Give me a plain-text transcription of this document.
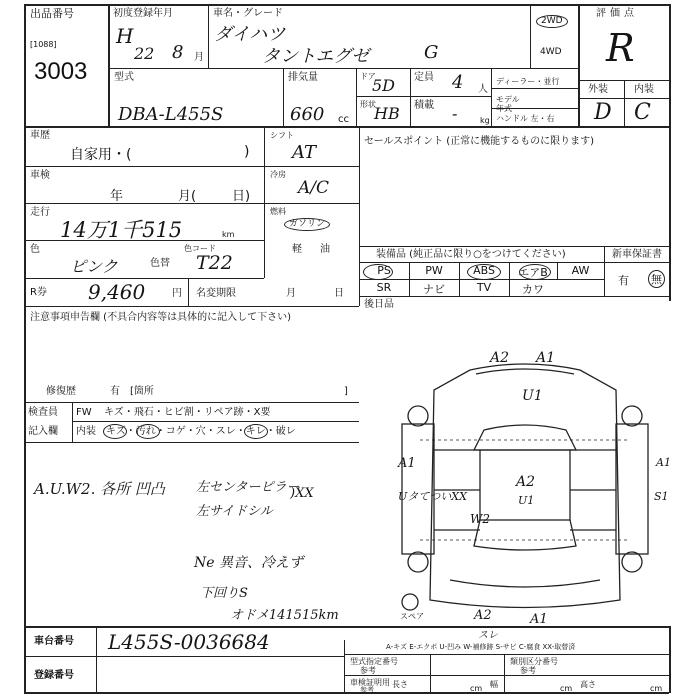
出品番号
[1088]
3003
初度登録年月
H
22 8 月
車名・グレード
ダイハツ
タントエグゼ	G
2WD
4WD
評価点
R
型式
DBA-L455S
排気量
660 cc
ドア
5D 定員 4 人
形状
HB 積載 -	kg
ディーラー・並行
モデル年式
ハンドル 左・右
外装	内装
D C
車歴
自家用・(	)
車検
年	月(	日)
走行
14万1千515	km
色
ピンク	色替
色コード
T22
R券 9,460	円 名変期限	月	日
シフト
AT
冷房
A/C
燃料
ガソリン
軽 油
セールスポイント (正常に機能するものに限ります)
装備品 (純正品に限り○をつけてください)	新車保証書
PS	PW	ABS	エアB	AW
SR	ナビ	TV	カワ
有 無
後日品
注意事項申告欄 (不具合内容等は具体的に記入して下さい)
修復歴	有 [箇所	]
検査員
記入欄
FW キズ・飛石・ヒビ割・リペア跡・X要
内装 キズ・汚れ・コゲ・穴・スレ・キレ・破レ
A.U.W2. 各所 凹凸 左センターピラー
左サイドシル
)XX
Ne 異音、冷えず
下回りS
オドメ141515km
A2 A1
U1
A1
UタてついXX
A2
U1
W2
A1
S1
A2	A1
スレ
スペア
A-キズ E-エクボ U-凹み W-補修跡 S-サビ C-腐食 XX-取替済
車台番号 L455S-0036684
登録番号
型式指定番号
参考
類別区分番号
参考
車検証明用
参考
長さ	cm 幅	cm 高さ	cm
